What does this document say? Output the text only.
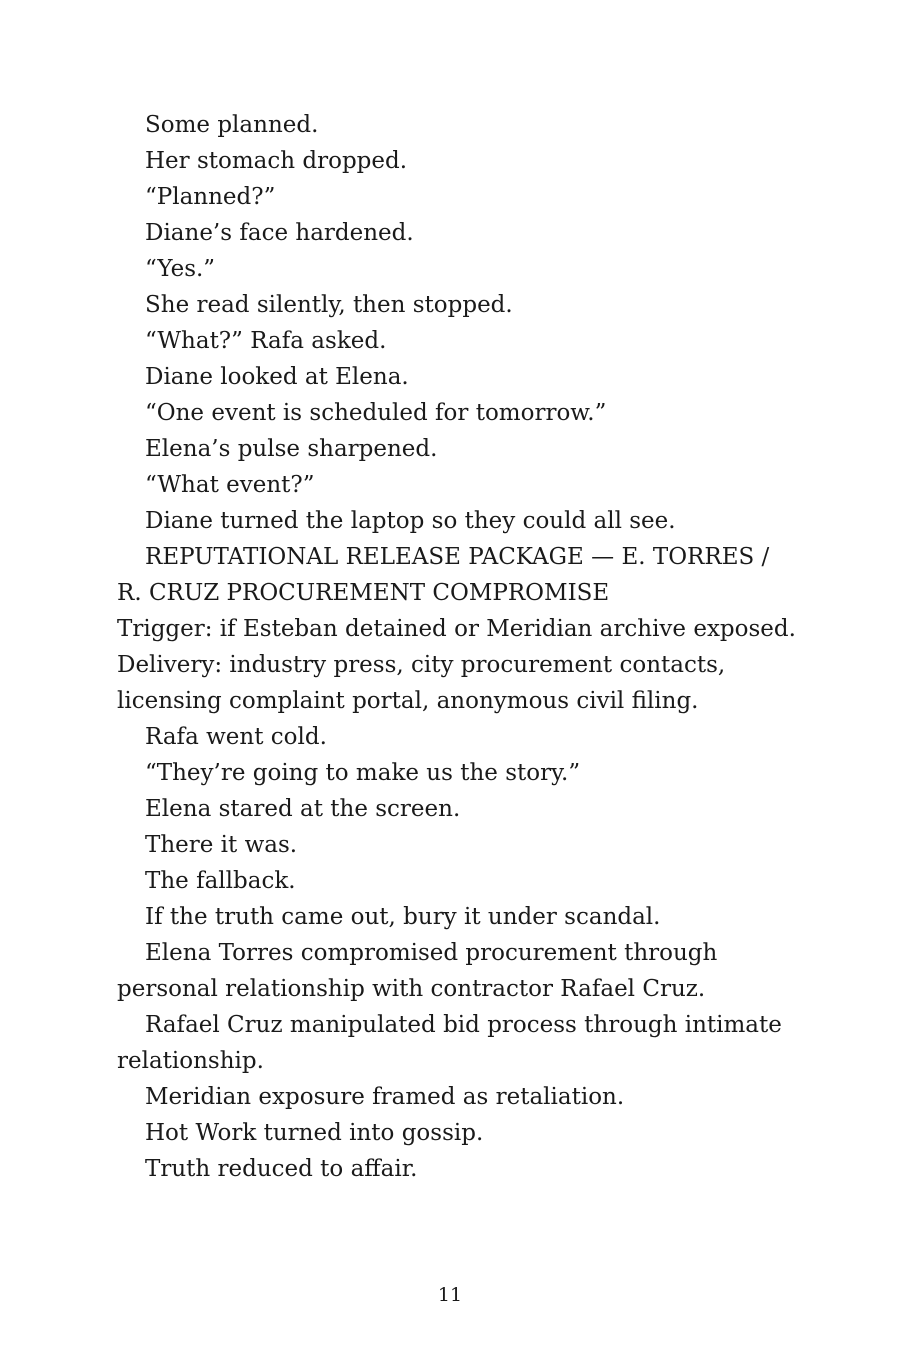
Some planned.

Her stomach dropped.

“Planned?”

Diane’s face hardened.

“Yes.”

She read silently, then stopped.

“What?” Rafa asked.

Diane looked at Elena.

“One event is scheduled for tomorrow.”

Elena’s pulse sharpened.

“What event?”

Diane turned the laptop so they could all see.

REPUTATIONAL RELEASE PACKAGE — E. TORRES / R. CRUZ PROCUREMENT COMPROMISE

Trigger: if Esteban detained or Meridian archive exposed.

Delivery: industry press, city procurement contacts, licensing complaint portal, anonymous civil filing.

Rafa went cold.

“They’re going to make us the story.”

Elena stared at the screen.

There it was.

The fallback.

If the truth came out, bury it under scandal.

Elena Torres compromised procurement through personal relationship with contractor Rafael Cruz.

Rafael Cruz manipulated bid process through intimate relationship.

Meridian exposure framed as retaliation.

Hot Work turned into gossip.

Truth reduced to affair.

11
